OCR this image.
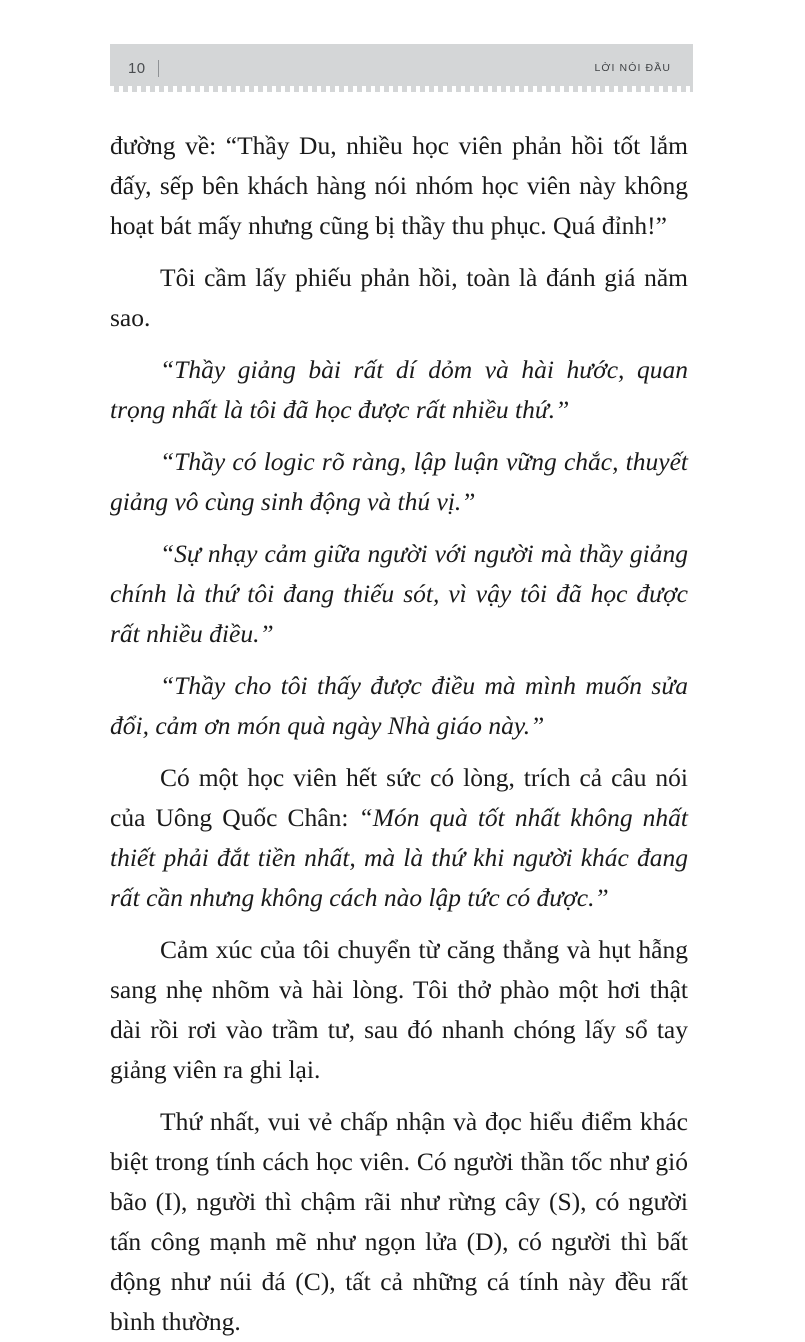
10	LỜI NÓI ĐẦU

đường về: “Thầy Du, nhiều học viên phản hồi tốt lắm đấy, sếp bên khách hàng nói nhóm học viên này không hoạt bát mấy nhưng cũng bị thầy thu phục. Quá đỉnh!”

Tôi cầm lấy phiếu phản hồi, toàn là đánh giá năm sao.

“Thầy giảng bài rất dí dỏm và hài hước, quan trọng nhất là tôi đã học được rất nhiều thứ.”

“Thầy có logic rõ ràng, lập luận vững chắc, thuyết giảng vô cùng sinh động và thú vị.”

“Sự nhạy cảm giữa người với người mà thầy giảng chính là thứ tôi đang thiếu sót, vì vậy tôi đã học được rất nhiều điều.”

“Thầy cho tôi thấy được điều mà mình muốn sửa đổi, cảm ơn món quà ngày Nhà giáo này.”

Có một học viên hết sức có lòng, trích cả câu nói của Uông Quốc Chân: “Món quà tốt nhất không nhất thiết phải đắt tiền nhất, mà là thứ khi người khác đang rất cần nhưng không cách nào lập tức có được.”

Cảm xúc của tôi chuyển từ căng thẳng và hụt hẫng sang nhẹ nhõm và hài lòng. Tôi thở phào một hơi thật dài rồi rơi vào trầm tư, sau đó nhanh chóng lấy sổ tay giảng viên ra ghi lại.

Thứ nhất, vui vẻ chấp nhận và đọc hiểu điểm khác biệt trong tính cách học viên. Có người thần tốc như gió bão (I), người thì chậm rãi như rừng cây (S), có người tấn công mạnh mẽ như ngọn lửa (D), có người thì bất động như núi đá (C), tất cả những cá tính này đều rất bình thường.
